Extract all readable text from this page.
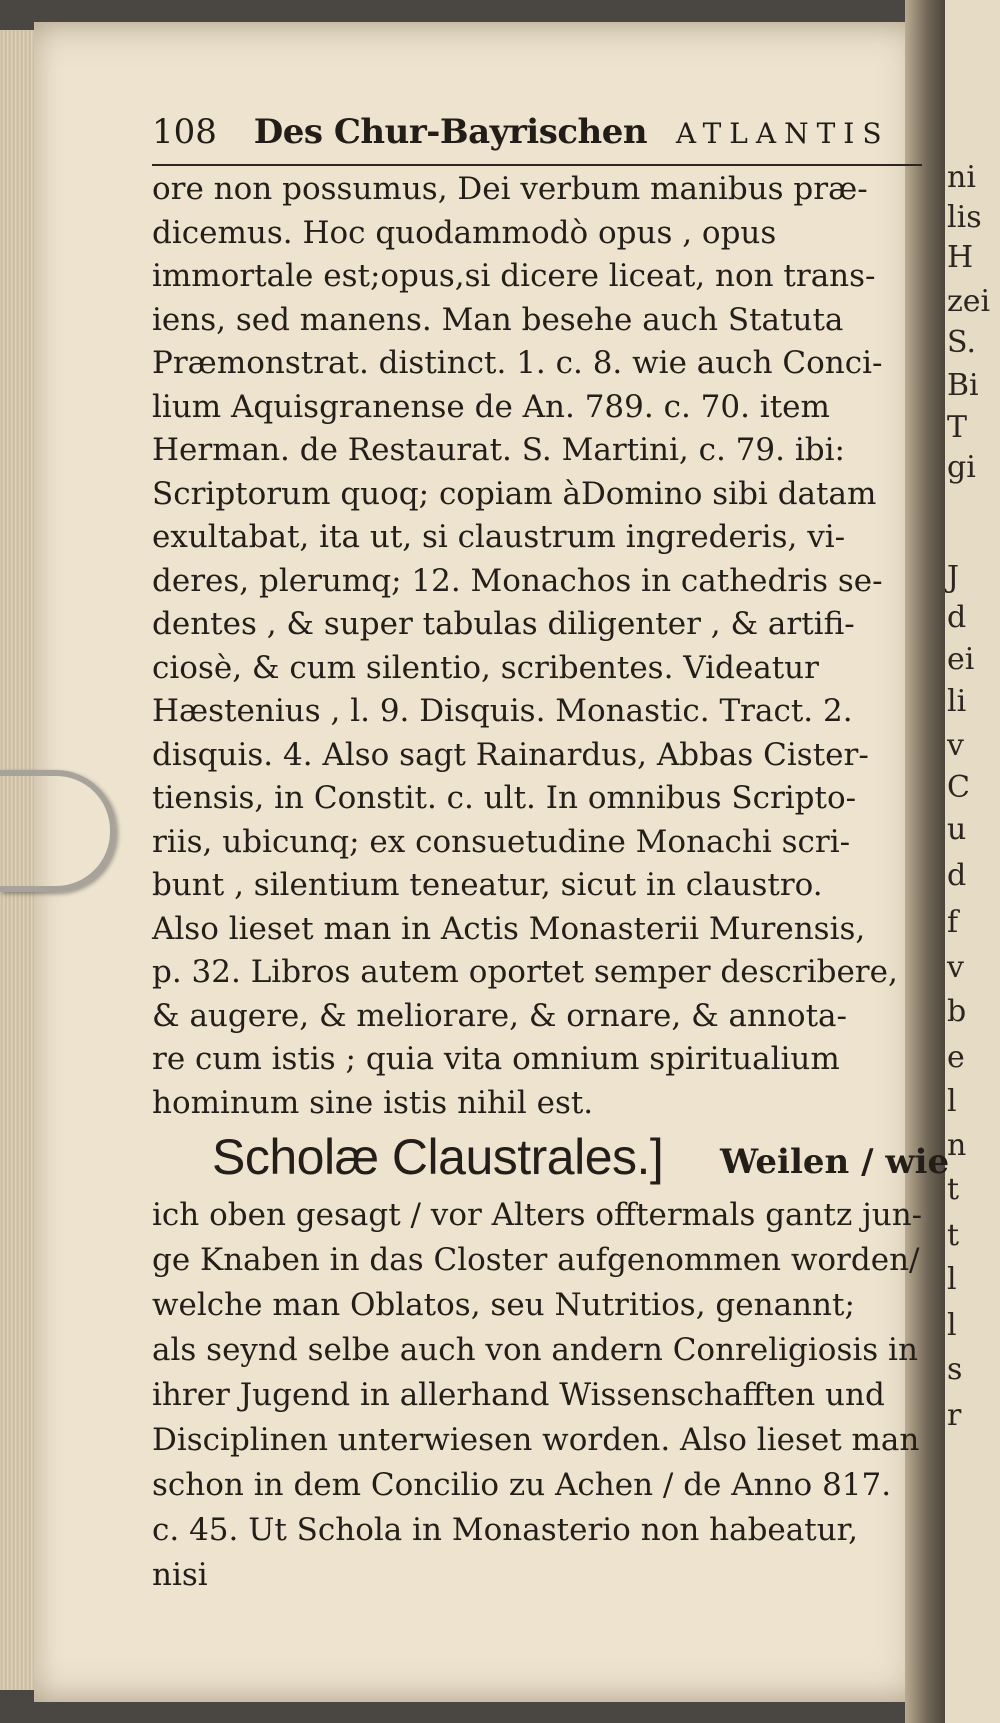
ni
lis
H
zei
S.
Bi
T
gi
J
d
ei
li
v
C
u
d
f
v
b
e
l
n
t
t
l
l
s
r
108 Des Chur-Bayrischen ATLANTIS
ore non possumus, Dei verbum manibus præ-
dicemus. Hoc quodammodò opus , opus
immortale est;opus,si dicere liceat, non trans-
iens, sed manens. Man besehe auch Statuta
Præmonstrat. distinct. 1. c. 8. wie auch Conci-
lium Aquisgranense de An. 789. c. 70. item
Herman. de Restaurat. S. Martini, c. 79. ibi:
Scriptorum quoq; copiam àDomino sibi datam
exultabat, ita ut, si claustrum ingrederis, vi-
deres, plerumq; 12. Monachos in cathedris se-
dentes , & super tabulas diligenter , & artifi-
ciosè, & cum silentio, scribentes. Videatur
Hæstenius , l. 9. Disquis. Monastic. Tract. 2.
disquis. 4. Also sagt Rainardus, Abbas Cister-
tiensis, in Constit. c. ult. In omnibus Scripto-
riis, ubicunq; ex consuetudine Monachi scri-
bunt , silentium teneatur, sicut in claustro.
Also lieset man in Actis Monasterii Murensis,
p. 32. Libros autem oportet semper describere,
& augere, & meliorare, & ornare, & annota-
re cum istis ; quia vita omnium spiritualium
hominum sine istis nihil est.
Scholæ Claustrales.] Weilen / wie
ich oben gesagt / vor Alters offtermals gantz jun-
ge Knaben in das Closter aufgenommen worden/
welche man Oblatos, seu Nutritios, genannt;
als seynd selbe auch von andern Conreligiosis in
ihrer Jugend in allerhand Wissenschafften und
Disciplinen unterwiesen worden. Also lieset man
schon in dem Concilio zu Achen / de Anno 817.
c. 45. Ut Schola in Monasterio non habeatur,
nisi
